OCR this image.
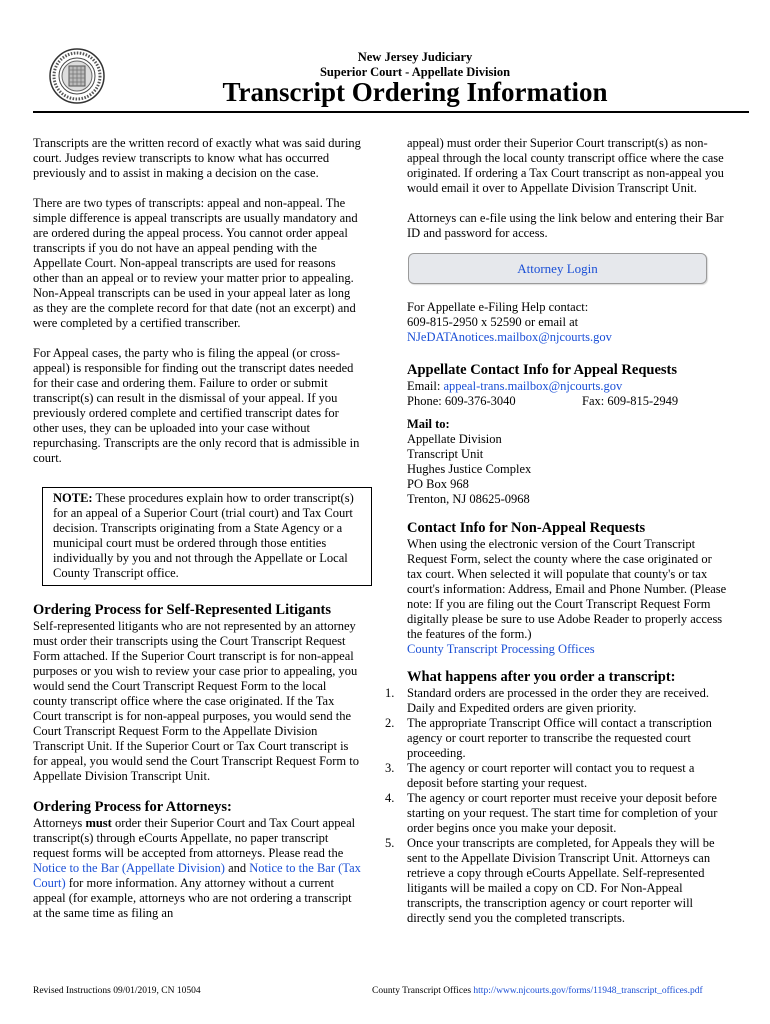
New Jersey Judiciary
Superior Court - Appellate Division
Transcript Ordering Information

Transcripts are the written record of exactly what was said during court. Judges review transcripts to know what has occurred previously and to assist in making a decision on the case.

There are two types of transcripts: appeal and non-appeal. The simple difference is appeal transcripts are usually mandatory and are ordered during the appeal process. You cannot order appeal transcripts if you do not have an appeal pending with the Appellate Court. Non-appeal transcripts are used for reasons other than an appeal or to review your matter prior to appealing. Non-Appeal transcripts can be used in your appeal later as long as they are the complete record for that date (not an excerpt) and were completed by a certified transcriber.

For Appeal cases, the party who is filing the appeal (or cross-appeal) is responsible for finding out the transcript dates needed for their case and ordering them. Failure to order or submit transcript(s) can result in the dismissal of your appeal. If you previously ordered complete and certified transcript dates for other uses, they can be uploaded into your case without repurchasing. Transcripts are the only record that is admissible in court.

NOTE: These procedures explain how to order transcript(s) for an appeal of a Superior Court (trial court) and Tax Court decision. Transcripts originating from a State Agency or a municipal court must be ordered through those entities individually by you and not through the Appellate or Local County Transcript office.
Ordering Process for Self-Represented Litigants

Self-represented litigants who are not represented by an attorney must order their transcripts using the Court Transcript Request Form attached. If the Superior Court transcript is for non-appeal purposes or you wish to review your case prior to appealing, you would send the Court Transcript Request Form to the local county transcript office where the case originated. If the Tax Court transcript is for non-appeal purposes, you would send the Court Transcript Request Form to the Appellate Division Transcript Unit. If the Superior Court or Tax Court transcript is for appeal, you would send the Court Transcript Request Form to Appellate Division Transcript Unit.

Ordering Process for Attorneys:

Attorneys must order their Superior Court and Tax Court appeal transcript(s) through eCourts Appellate, no paper transcript request forms will be accepted from attorneys. Please read the Notice to the Bar (Appellate Division) and Notice to the Bar (Tax Court) for more information. Any attorney without a current appeal (for example, attorneys who are not ordering a transcript at the same time as filing an

appeal) must order their Superior Court transcript(s) as non-appeal through the local county transcript office where the case originated. If ordering a Tax Court transcript as non-appeal you would email it over to Appellate Division Transcript Unit.

Attorneys can e-file using the link below and entering their Bar ID and password for access.

Attorney Login

For Appellate e-Filing Help contact:

609-815-2950 x 52590 or email at

NJeDATAnotices.mailbox@njcourts.gov

Appellate Contact Info for Appeal Requests

Email: appeal-trans.mailbox@njcourts.gov

Phone: 609-376-3040	Fax: 609-815-2949

Mail to:

Appellate Division

Transcript Unit

Hughes Justice Complex

PO Box 968

Trenton, NJ 08625-0968

Contact Info for Non-Appeal Requests

When using the electronic version of the Court Transcript Request Form, select the county where the case originated or tax court. When selected it will populate that county's or tax court's information: Address, Email and Phone Number. (Please note: If you are filing out the Court Transcript Request Form digitally please be sure to use Adobe Reader to properly access the features of the form.)

County Transcript Processing Offices

What happens after you order a transcript:
1. Standard orders are processed in the order they are received. Daily and Expedited orders are given priority.
2. The appropriate Transcript Office will contact a transcription agency or court reporter to transcribe the requested court proceeding.
3. The agency or court reporter will contact you to request a deposit before starting your request.
4. The agency or court reporter must receive your deposit before starting on your request. The start time for completion of your order begins once you make your deposit.
5. Once your transcripts are completed, for Appeals they will be sent to the Appellate Division Transcript Unit. Attorneys can retrieve a copy through eCourts Appellate. Self-represented litigants will be mailed a copy on CD. For Non-Appeal transcripts, the transcription agency or court reporter will directly send you the completed transcripts.
Revised Instructions 09/01/2019, CN 10504	County Transcript Offices http://www.njcourts.gov/forms/11948_transcript_offices.pdf
